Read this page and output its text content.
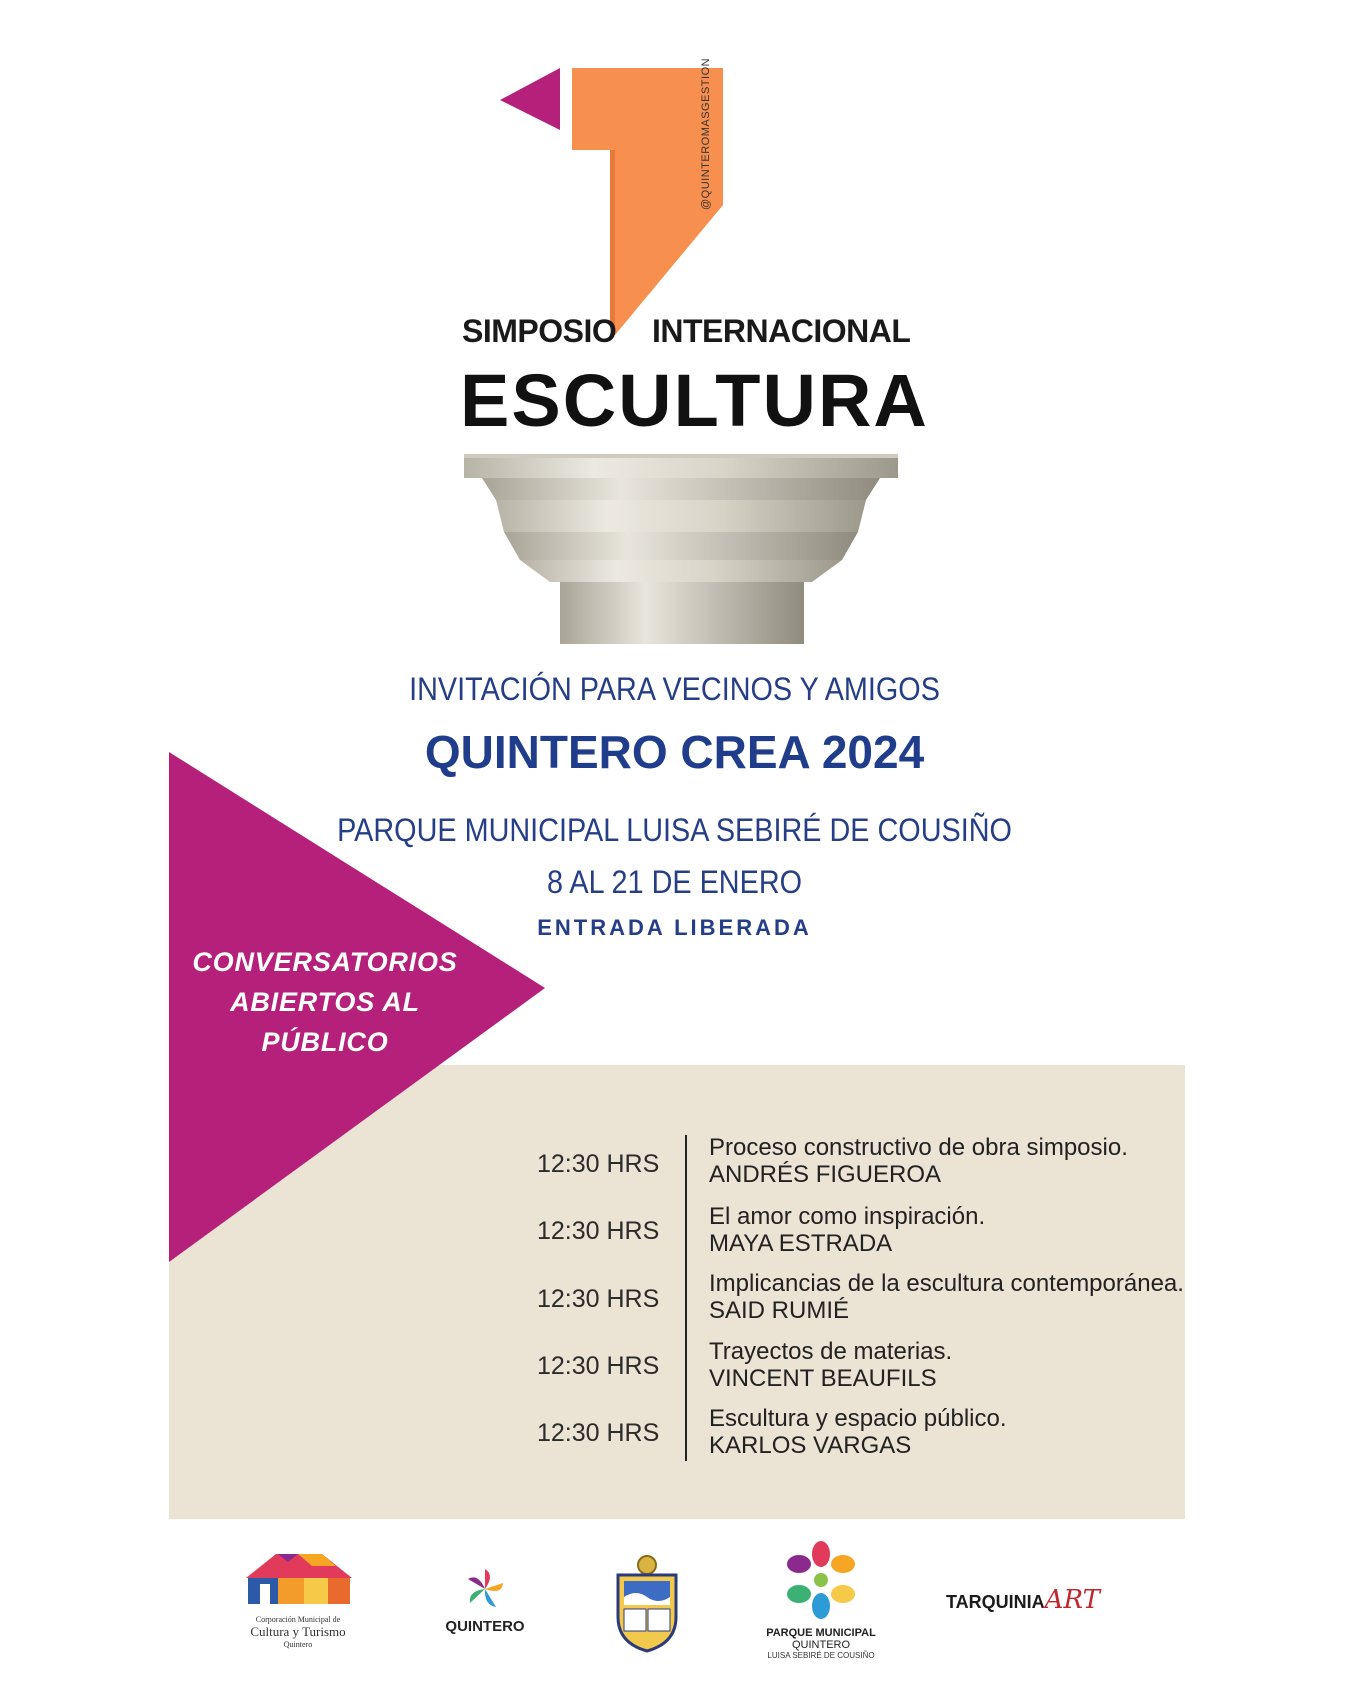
@QUINTEROMASGESTION
SIMPOSIO INTERNACIONAL
ESCULTURA
INVITACIÓN PARA VECINOS Y AMIGOS
QUINTERO CREA 2024
PARQUE MUNICIPAL LUISA SEBIRÉ DE COUSIÑO
8 AL 21 DE ENERO
ENTRADA LIBERADA
CONVERSATORIOS
ABIERTOS AL
PÚBLICO
12:30 HRS
Proceso constructivo de obra simposio.
ANDRÉS FIGUEROA
12:30 HRS
El amor como inspiración.
MAYA ESTRADA
12:30 HRS
Implicancias de la escultura contemporánea.
SAID RUMIÉ
12:30 HRS
Trayectos de materias.
VINCENT BEAUFILS
12:30 HRS
Escultura y espacio público.
KARLOS VARGAS
Corporación Municipal de
Cultura y Turismo
Quintero
QUINTERO	PARQUE MUNICIPAL
QUINTERO
LUISA SEBIRÉ DE COUSIÑO
TARQUINIAART
